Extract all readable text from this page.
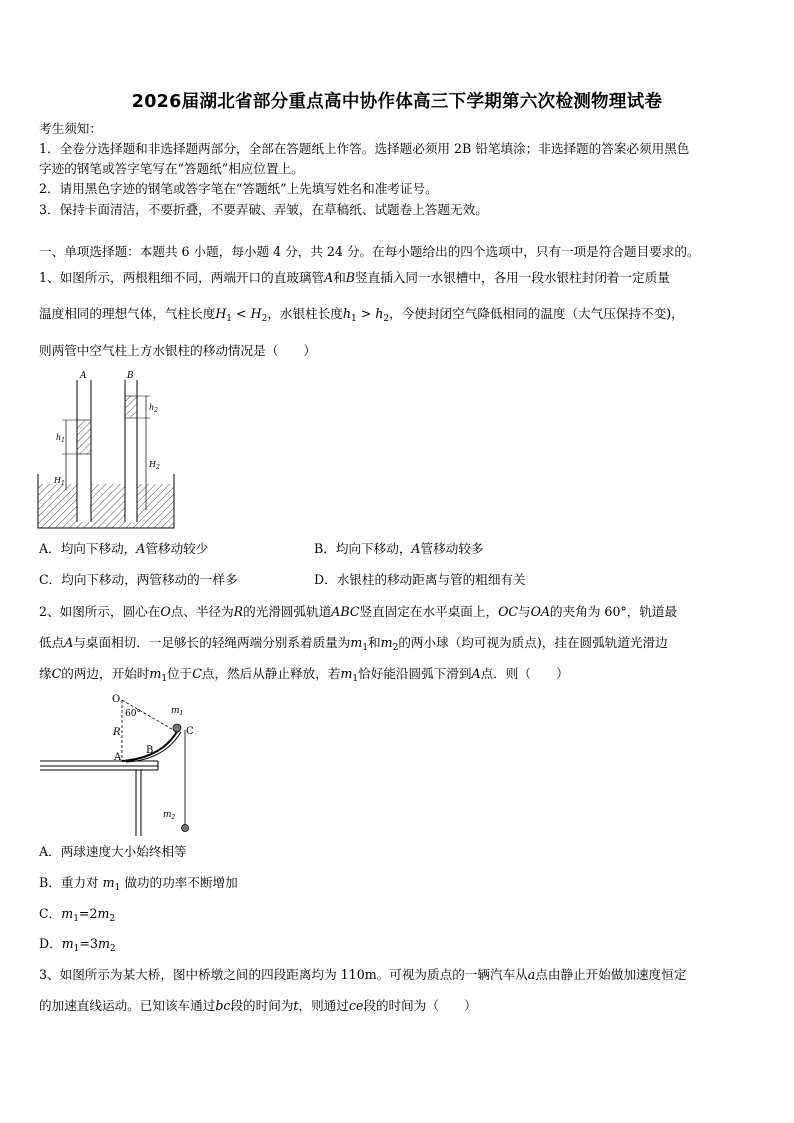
2026届湖北省部分重点高中协作体高三下学期第六次检测物理试卷
考生须知：
1．全卷分选择题和非选择题两部分，全部在答题纸上作答。选择题必须用 2B 铅笔填涂；非选择题的答案必须用黑色
字迹的钢笔或答字笔写在“答题纸”相应位置上。
2．请用黑色字迹的钢笔或答字笔在“答题纸”上先填写姓名和准考证号。
3．保持卡面清洁，不要折叠，不要弄破、弄皱，在草稿纸、试题卷上答题无效。
一、单项选择题：本题共 6 小题，每小题 4 分，共 24 分。在每小题给出的四个选项中，只有一项是符合题目要求的。
1、如图所示，两根粗细不同，两端开口的直玻璃管A和B竖直插入同一水银槽中，各用一段水银柱封闭着一定质量
温度相同的理想气体，气柱长度$H_1 < H_2$，水银柱长度$h_1 > h_2$，今使封闭空气降低相同的温度（大气压保持不变)，
则两管中空气柱上方水银柱的移动情况是（　　）
A	B
$h_1$
$h_2$
$H_1$
$H_2$
A．均向下移动，A管移动较少	B．均向下移动，A管移动较多
C．均向下移动，两管移动的一样多	D．水银柱的移动距离与管的粗细有关
2、如图所示，圆心在O点、半径为R的光滑圆弧轨道ABC竖直固定在水平桌面上，OC与OA的夹角为 60°，轨道最
低点A与桌面相切．一足够长的轻绳两端分别系着质量为$m_1$和$m_2$的两小球（均可视为质点)，挂在圆弧轨道光滑边
缘C的两边，开始时$m_1$位于C点，然后从静止释放，若$m_1$恰好能沿圆弧下滑到A点．则（　　）
O
60°
R
A
B
C
$m_1$
$m_2$
A．两球速度大小始终相等
B．重力对 $m_1$ 做功的功率不断增加
C．$m_1=2m_2$
D．$m_1=3m_2$
3、如图所示为某大桥，图中桥墩之间的四段距离均为 110m。可视为质点的一辆汽车从a点由静止开始做加速度恒定
的加速直线运动。已知该车通过bc段的时间为t，则通过ce段的时间为（　　）
